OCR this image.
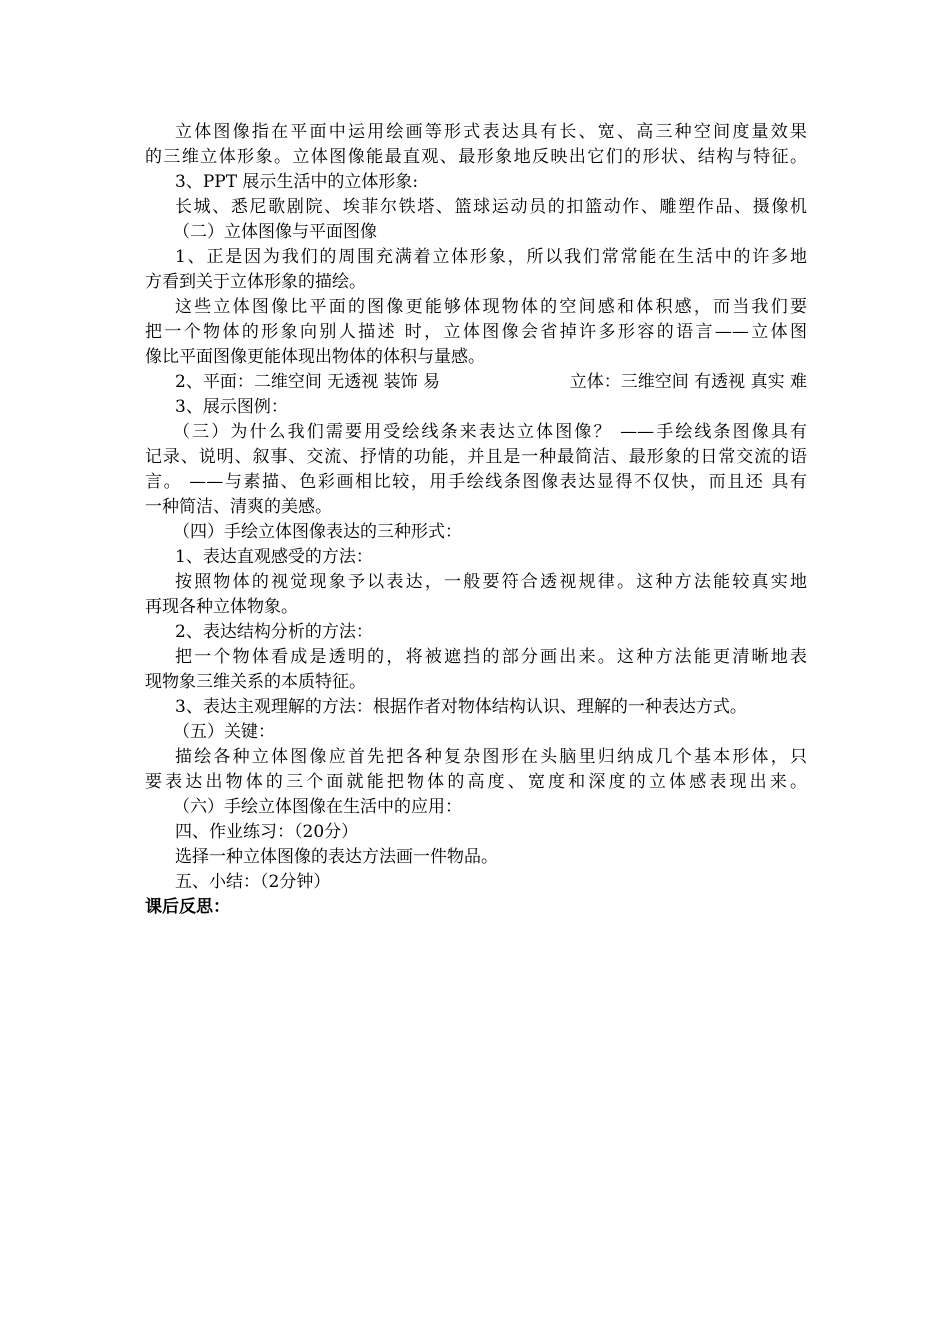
立体图像指在平面中运用绘画等形式表达具有长、宽、高三种空间度量效果
的三维立体形象。立体图像能最直观、最形象地反映出它们的形状、结构与特征。
3、PPT 展示生活中的立体形象:
长城、悉尼歌剧院、埃菲尔铁塔、篮球运动员的扣篮动作、雕塑作品、摄像机
（二）立体图像与平面图像
1、正是因为我们的周围充满着立体形象，所以我们常常能在生活中的许多地
方看到关于立体形象的描绘。
这些立体图像比平面的图像更能够体现物体的空间感和体积感，而当我们要
把一个物体的形象向别人描述 时，立体图像会省掉许多形容的语言——立体图
像比平面图像更能体现出物体的体积与量感。
2、平面：二维空间 无透视 装饰 易	立体：三维空间 有透视 真实 难
3、展示图例：
（三）为什么我们需要用受绘线条来表达立体图像？ ——手绘线条图像具有
记录、说明、叙事、交流、抒情的功能，并且是一种最简洁、最形象的日常交流的语
言。 ——与素描、色彩画相比较，用手绘线条图像表达显得不仅快，而且还 具有
一种简洁、清爽的美感。
（四）手绘立体图像表达的三种形式：
1、表达直观感受的方法：
按照物体的视觉现象予以表达，一般要符合透视规律。这种方法能较真实地
再现各种立体物象。
2、表达结构分析的方法：
把一个物体看成是透明的，将被遮挡的部分画出来。这种方法能更清晰地表
现物象三维关系的本质特征。
3、表达主观理解的方法：根据作者对物体结构认识、理解的一种表达方式。
（五）关键：
描绘各种立体图像应首先把各种复杂图形在头脑里归纳成几个基本形体，只
要表达出物体的三个面就能把物体的高度、宽度和深度的立体感表现出来。
（六）手绘立体图像在生活中的应用：
四、作业练习：（20分）
选择一种立体图像的表达方法画一件物品。
五、小结：（2分钟）
课后反思：
